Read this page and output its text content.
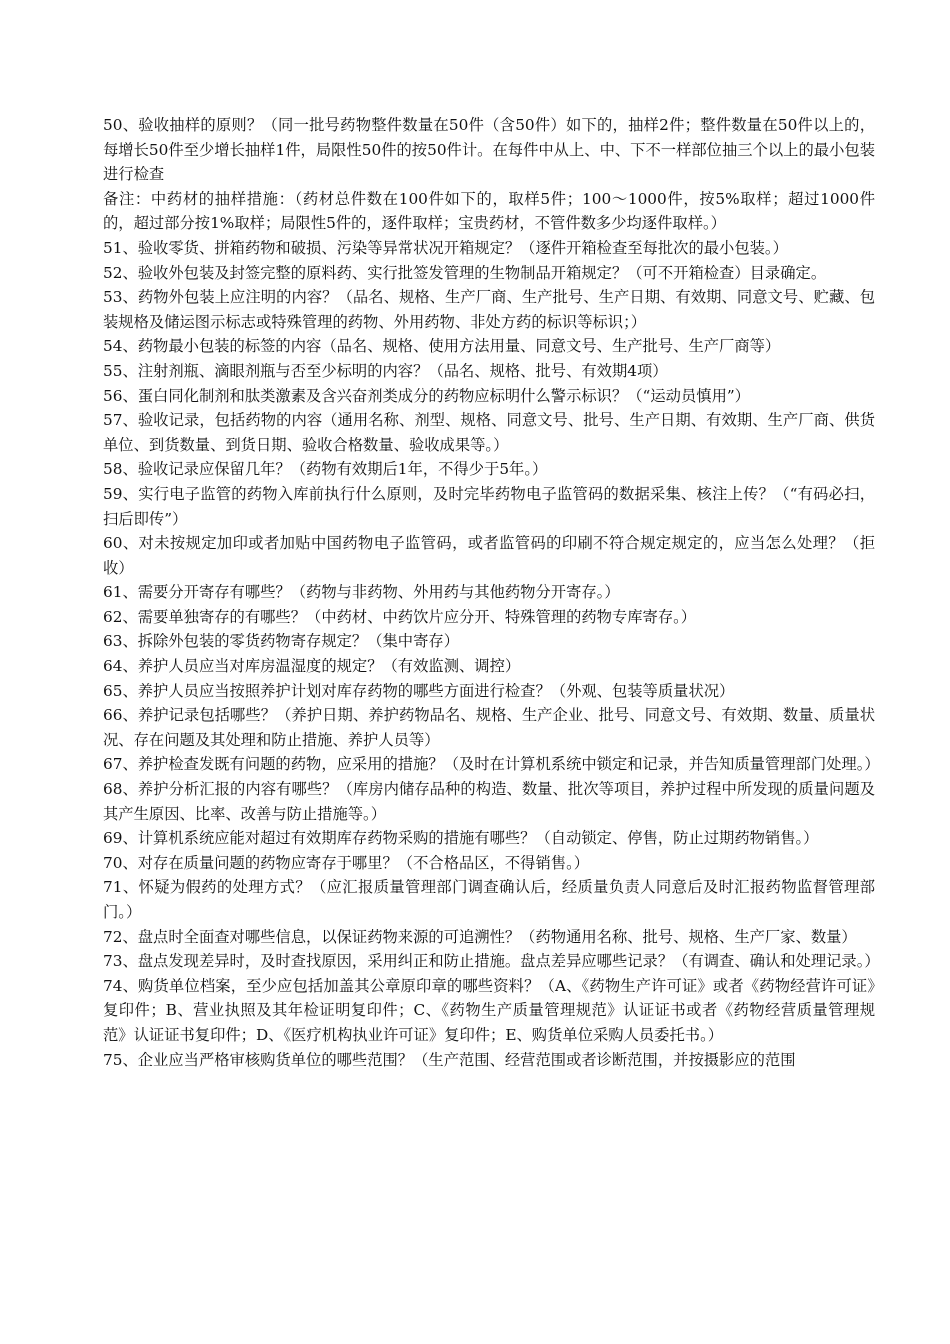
50、验收抽样的原则？（同一批号药物整件数量在50件（含50件）如下的，抽样2件；整件数量在50件以上的，每增长50件至少增长抽样1件，局限性50件的按50件计。在每件中从上、中、下不一样部位抽三个以上的最小包装进行检查

备注：中药材的抽样措施：（药材总件数在100件如下的，取样5件；100～1000件，按5%取样；超过1000件的，超过部分按1%取样；局限性5件的，逐件取样；宝贵药材，不管件数多少均逐件取样。）

51、验收零货、拼箱药物和破损、污染等异常状况开箱规定？（逐件开箱检查至每批次的最小包装。）

52、验收外包装及封签完整的原料药、实行批签发管理的生物制品开箱规定？（可不开箱检查）目录确定。

53、药物外包装上应注明的内容？（品名、规格、生产厂商、生产批号、生产日期、有效期、同意文号、贮藏、包装规格及储运图示标志或特殊管理的药物、外用药物、非处方药的标识等标识；）

54、药物最小包装的标签的内容（品名、规格、使用方法用量、同意文号、生产批号、生产厂商等）

55、注射剂瓶、滴眼剂瓶与否至少标明的内容？（品名、规格、批号、有效期4项）

56、蛋白同化制剂和肽类激素及含兴奋剂类成分的药物应标明什么警示标识？（“运动员慎用”）

57、验收记录，包括药物的内容（通用名称、剂型、规格、同意文号、批号、生产日期、有效期、生产厂商、供货单位、到货数量、到货日期、验收合格数量、验收成果等。）

58、验收记录应保留几年？（药物有效期后1年，不得少于5年。）

59、实行电子监管的药物入库前执行什么原则，及时完毕药物电子监管码的数据采集、核注上传？（“有码必扫，扫后即传”）

60、对未按规定加印或者加贴中国药物电子监管码，或者监管码的印刷不符合规定规定的，应当怎么处理？（拒收）

61、需要分开寄存有哪些？（药物与非药物、外用药与其他药物分开寄存。）

62、需要单独寄存的有哪些？（中药材、中药饮片应分开、特殊管理的药物专库寄存。）

63、拆除外包装的零货药物寄存规定？（集中寄存）

64、养护人员应当对库房温湿度的规定？（有效监测、调控）

65、养护人员应当按照养护计划对库存药物的哪些方面进行检查？（外观、包装等质量状况）

66、养护记录包括哪些？（养护日期、养护药物品名、规格、生产企业、批号、同意文号、有效期、数量、质量状况、存在问题及其处理和防止措施、养护人员等）

67、养护检查发既有问题的药物，应采用的措施？（及时在计算机系统中锁定和记录，并告知质量管理部门处理。）

68、养护分析汇报的内容有哪些？（库房内储存品种的构造、数量、批次等项目，养护过程中所发现的质量问题及其产生原因、比率、改善与防止措施等。）

69、计算机系统应能对超过有效期库存药物采购的措施有哪些？（自动锁定、停售，防止过期药物销售。）

70、对存在质量问题的药物应寄存于哪里？（不合格品区，不得销售。）

71、怀疑为假药的处理方式？（应汇报质量管理部门调查确认后，经质量负责人同意后及时汇报药物监督管理部门。）

72、盘点时全面查对哪些信息，以保证药物来源的可追溯性？（药物通用名称、批号、规格、生产厂家、数量）

73、盘点发现差异时，及时查找原因，采用纠正和防止措施。盘点差异应哪些记录？（有调查、确认和处理记录。）

74、购货单位档案，至少应包括加盖其公章原印章的哪些资料？（A、《药物生产许可证》或者《药物经营许可证》复印件；B、营业执照及其年检证明复印件；C、《药物生产质量管理规范》认证证书或者《药物经营质量管理规范》认证证书复印件；D、《医疗机构执业许可证》复印件；E、购货单位采购人员委托书。）

75、企业应当严格审核购货单位的哪些范围？（生产范围、经营范围或者诊断范围，并按摄影应的范围
